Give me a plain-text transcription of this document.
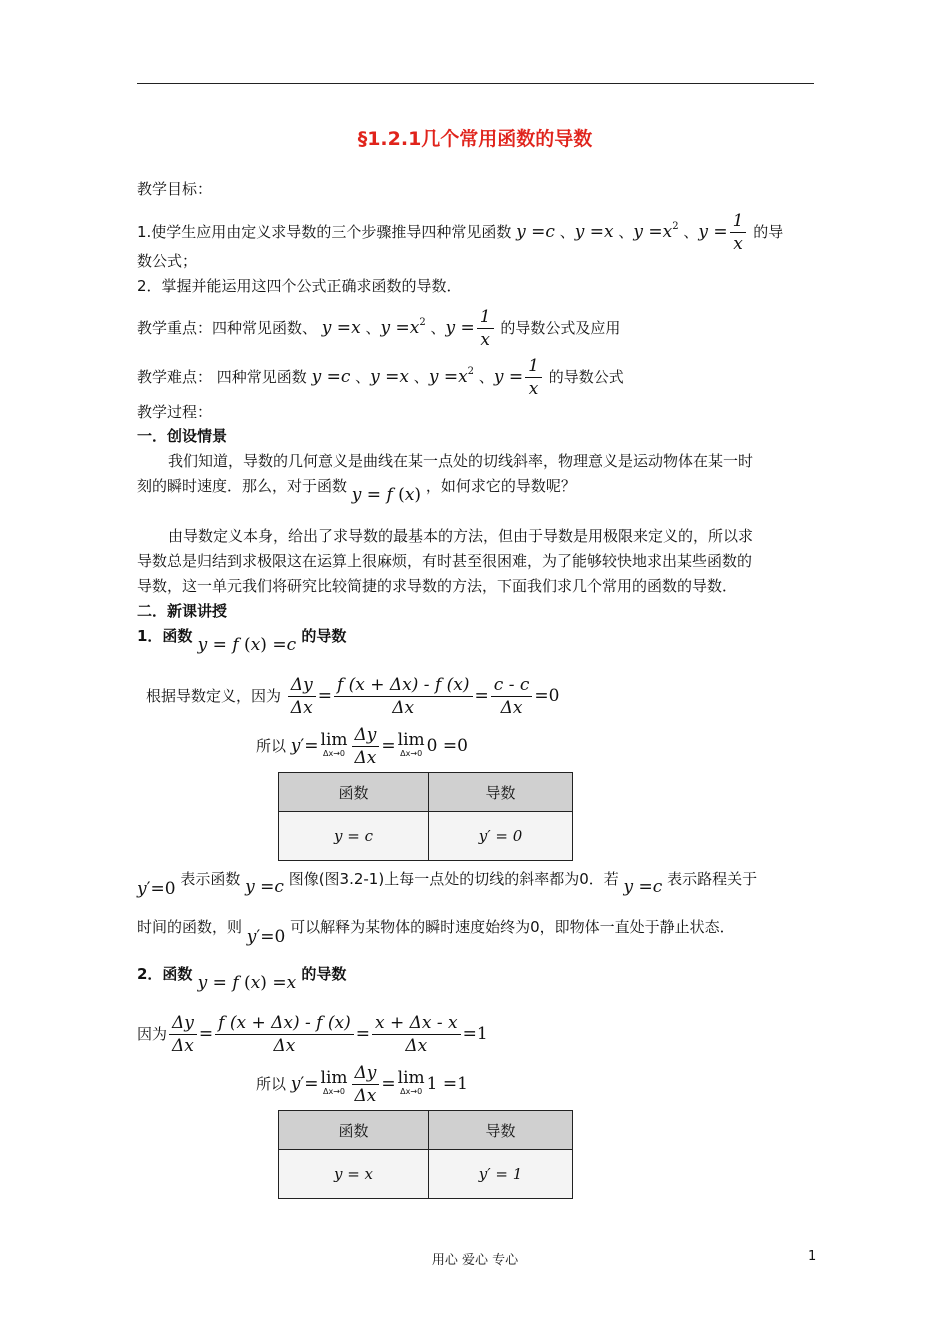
§1.2.1几个常用函数的导数
教学目标：
1.使学生应用由定义求导数的三个步骤推导四种常见函数 y =c 、y =x 、$y =x^2$ 、$y = \frac{1}{x}$ 的导
数公式；
2．掌握并能运用这四个公式正确求函数的导数．
教学重点：四种常见函数、 y =x 、$y =x^2$ 、$y = \frac{1}{x}$ 的导数公式及应用
教学难点： 四种常见函数 y =c 、y =x 、$y =x^2$ 、$y = \frac{1}{x}$ 的导数公式
教学过程：
一．创设情景
我们知道，导数的几何意义是曲线在某一点处的切线斜率，物理意义是运动物体在某一时
刻的瞬时速度．那么，对于函数 y = f (x) ，如何求它的导数呢？
由导数定义本身，给出了求导数的最基本的方法，但由于导数是用极限来定义的，所以求
导数总是归结到求极限这在运算上很麻烦，有时甚至很困难，为了能够较快地求出某些函数的
导数，这一单元我们将研究比较简捷的求导数的方法，下面我们求几个常用的函数的导数．
二．新课讲授
1．函数 y = f (x) =c 的导数
根据导数定义，因为 $\frac{\Delta y}{\Delta x} = \frac{f (x + \Delta x) - f (x)}{\Delta x} = \frac{c - c}{\Delta x} =0$
所以 y′= lim
$\Delta x\to 0 \frac{\Delta y}{\Delta x} = \lim$
Δx→0 0 =0
函数	导数
y = c	y′ = 0
y′=0 表示函数 y =c 图像(图3.2-1)上每一点处的切线的斜率都为0．若 y =c 表示路程关于
时间的函数，则 y′=0 可以解释为某物体的瞬时速度始终为0，即物体一直处于静止状态．
2．函数 y = f (x) =x 的导数
因为 $\frac{\Delta y}{\Delta x} = \frac{f (x + \Delta x) - f (x)}{\Delta x} = \frac{x + \Delta x - x}{\Delta x} =1$
所以 y′= lim
$\Delta x\to 0 \frac{\Delta y}{\Delta x} = \lim$
Δx→0 1 =1
函数	导数
y = x	y′ = 1
用心 爱心 专心	1
